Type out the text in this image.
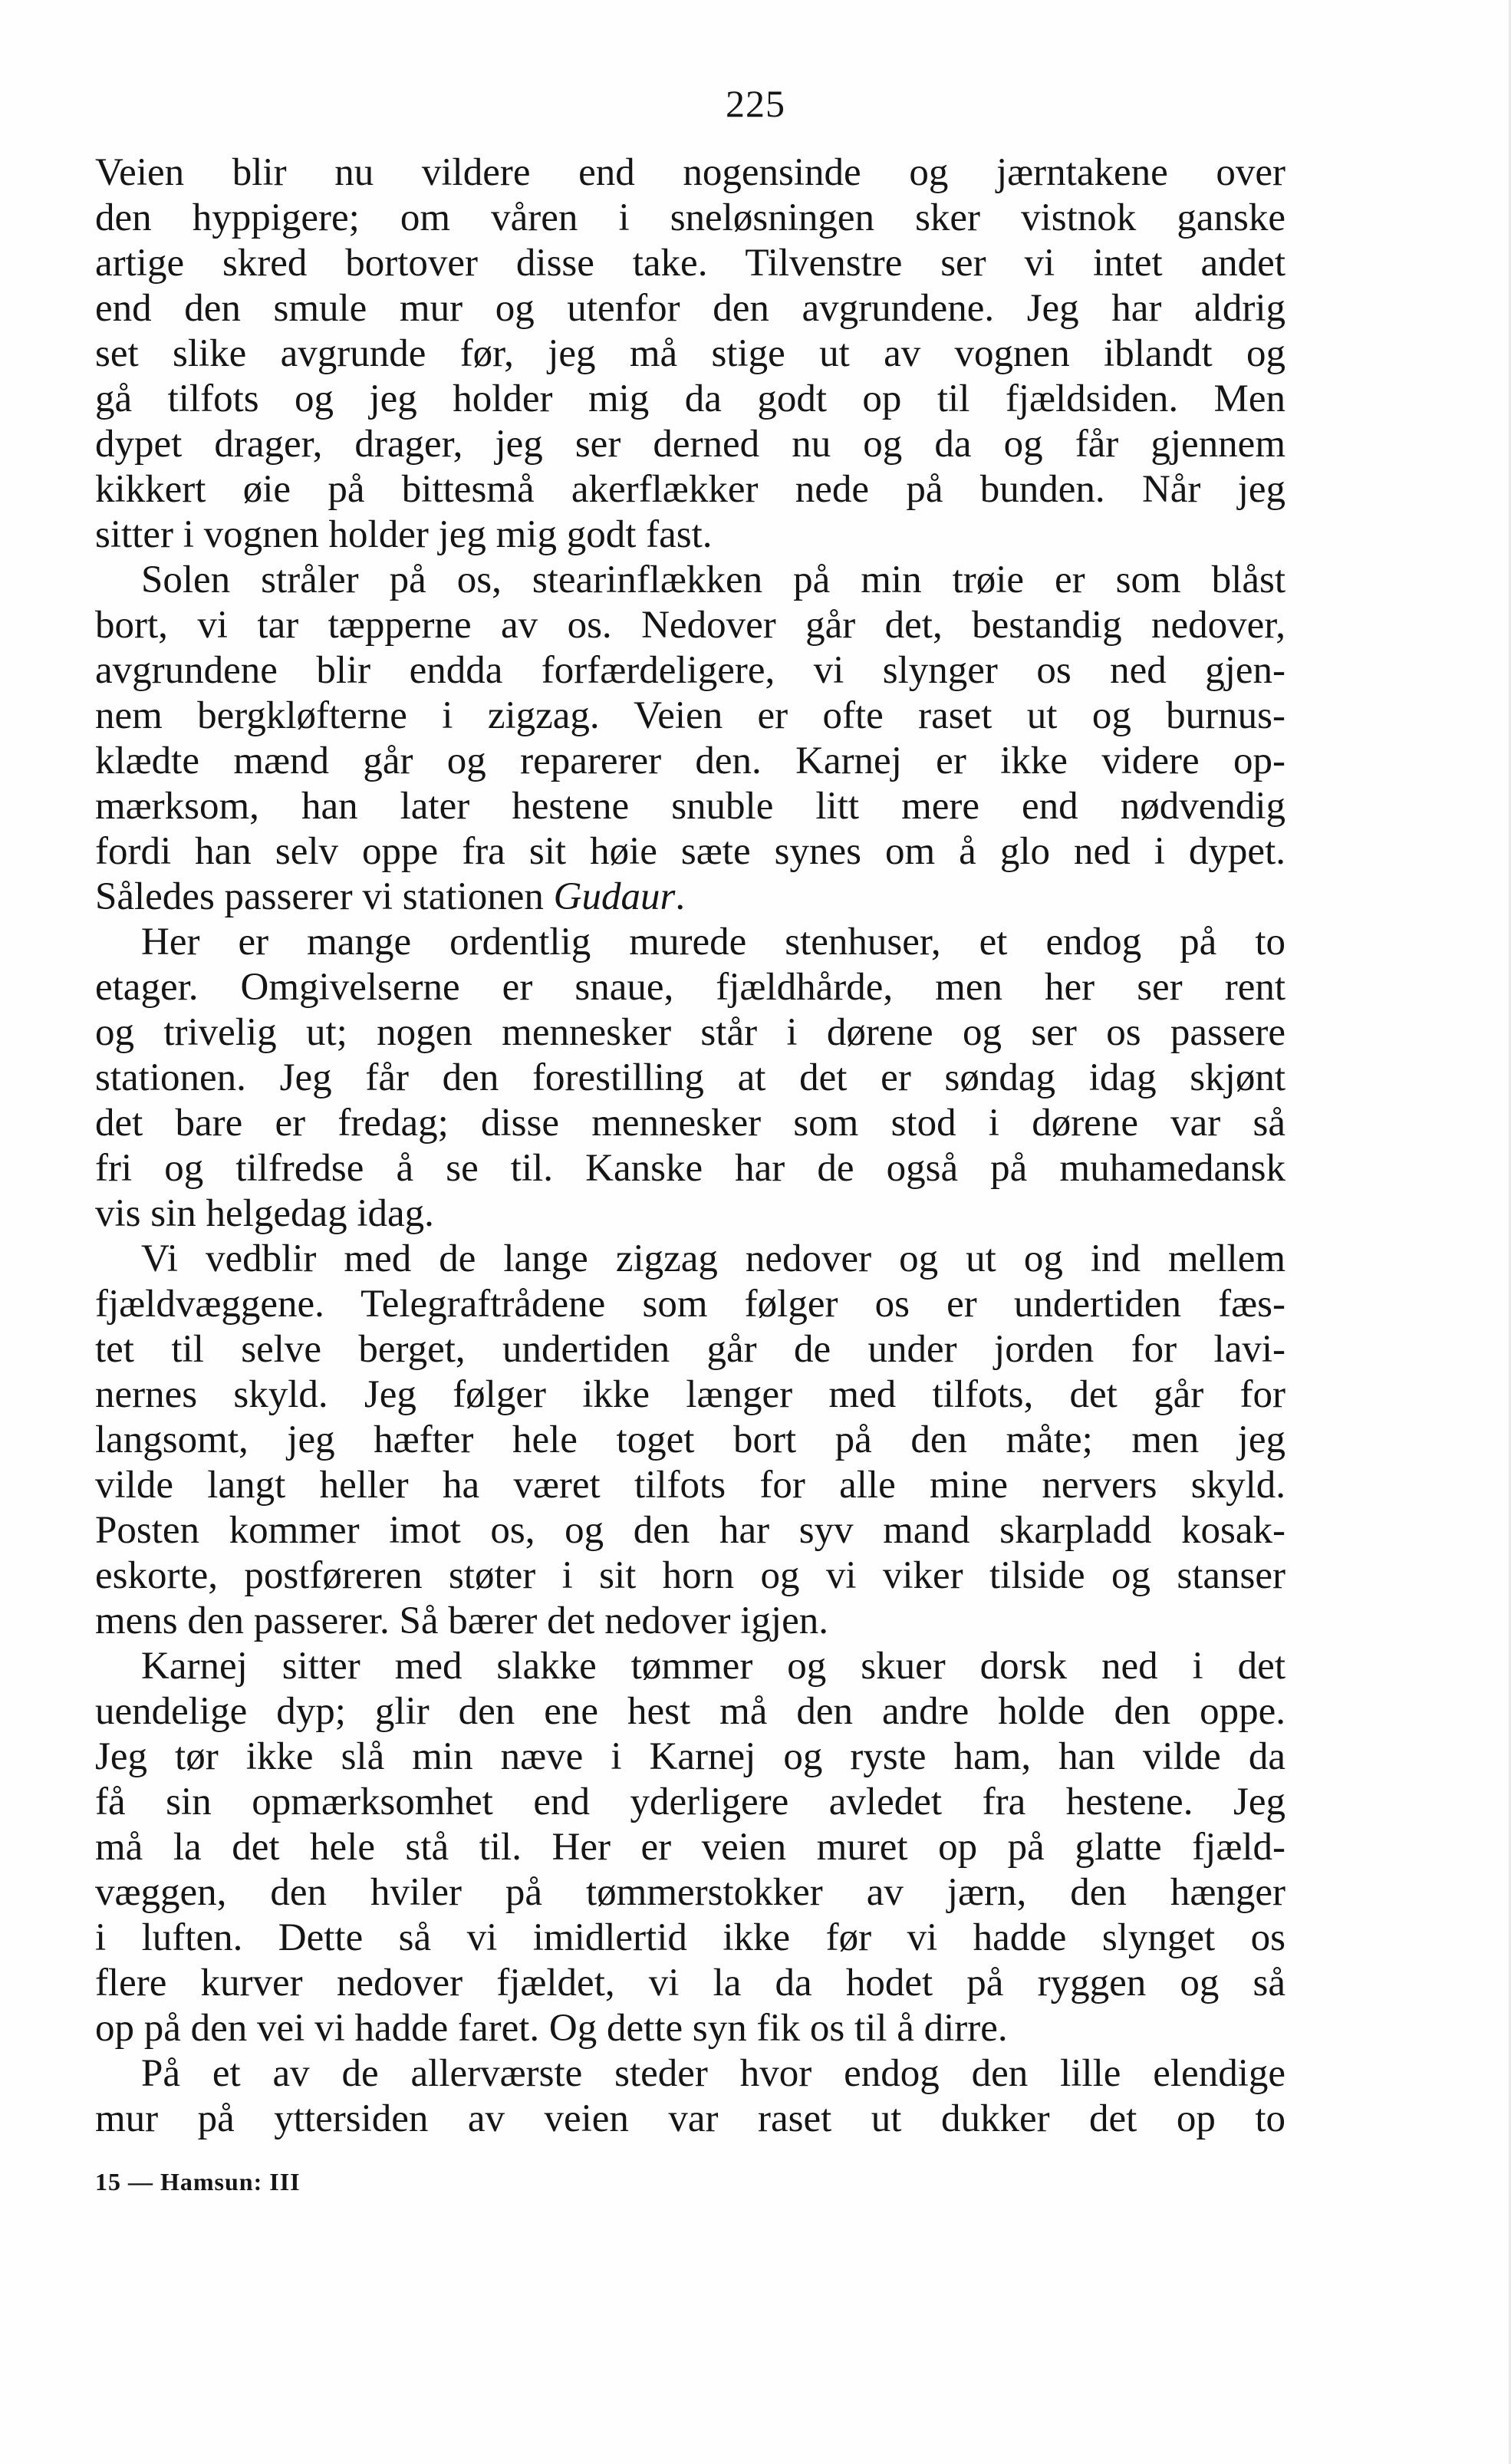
225

Veien blir nu vildere end nogensinde og jærntakene over
den hyppigere; om våren i sneløsningen sker vistnok ganske
artige skred bortover disse take. Tilvenstre ser vi intet andet
end den smule mur og utenfor den avgrundene. Jeg har aldrig
set slike avgrunde før, jeg må stige ut av vognen iblandt og
gå tilfots og jeg holder mig da godt op til fjældsiden. Men
dypet drager, drager, jeg ser derned nu og da og får gjennem
kikkert øie på bittesmå akerflækker nede på bunden. Når jeg
sitter i vognen holder jeg mig godt fast.

Solen stråler på os, stearinflækken på min trøie er som blåst
bort, vi tar tæpperne av os. Nedover går det, bestandig nedover,
avgrundene blir endda forfærdeligere, vi slynger os ned gjen-
nem bergkløfterne i zigzag. Veien er ofte raset ut og burnus-
klædte mænd går og reparerer den. Karnej er ikke videre op-
mærksom, han later hestene snuble litt mere end nødvendig
fordi han selv oppe fra sit høie sæte synes om å glo ned i dypet.
Således passerer vi stationen Gudaur.

Her er mange ordentlig murede stenhuser, et endog på to
etager. Omgivelserne er snaue, fjældhårde, men her ser rent
og trivelig ut; nogen mennesker står i dørene og ser os passere
stationen. Jeg får den forestilling at det er søndag idag skjønt
det bare er fredag; disse mennesker som stod i dørene var så
fri og tilfredse å se til. Kanske har de også på muhamedansk
vis sin helgedag idag.

Vi vedblir med de lange zigzag nedover og ut og ind mellem
fjældvæggene. Telegraftrådene som følger os er undertiden fæs-
tet til selve berget, undertiden går de under jorden for lavi-
nernes skyld. Jeg følger ikke længer med tilfots, det går for
langsomt, jeg hæfter hele toget bort på den måte; men jeg
vilde langt heller ha været tilfots for alle mine nervers skyld.
Posten kommer imot os, og den har syv mand skarpladd kosak-
eskorte, postføreren støter i sit horn og vi viker tilside og stanser
mens den passerer. Så bærer det nedover igjen.

Karnej sitter med slakke tømmer og skuer dorsk ned i det
uendelige dyp; glir den ene hest må den andre holde den oppe.
Jeg tør ikke slå min næve i Karnej og ryste ham, han vilde da
få sin opmærksomhet end yderligere avledet fra hestene. Jeg
må la det hele stå til. Her er veien muret op på glatte fjæld-
væggen, den hviler på tømmerstokker av jærn, den hænger
i luften. Dette så vi imidlertid ikke før vi hadde slynget os
flere kurver nedover fjældet, vi la da hodet på ryggen og så
op på den vei vi hadde faret. Og dette syn fik os til å dirre.

På et av de allerværste steder hvor endog den lille elendige
mur på yttersiden av veien var raset ut dukker det op to

15 — Hamsun: III
